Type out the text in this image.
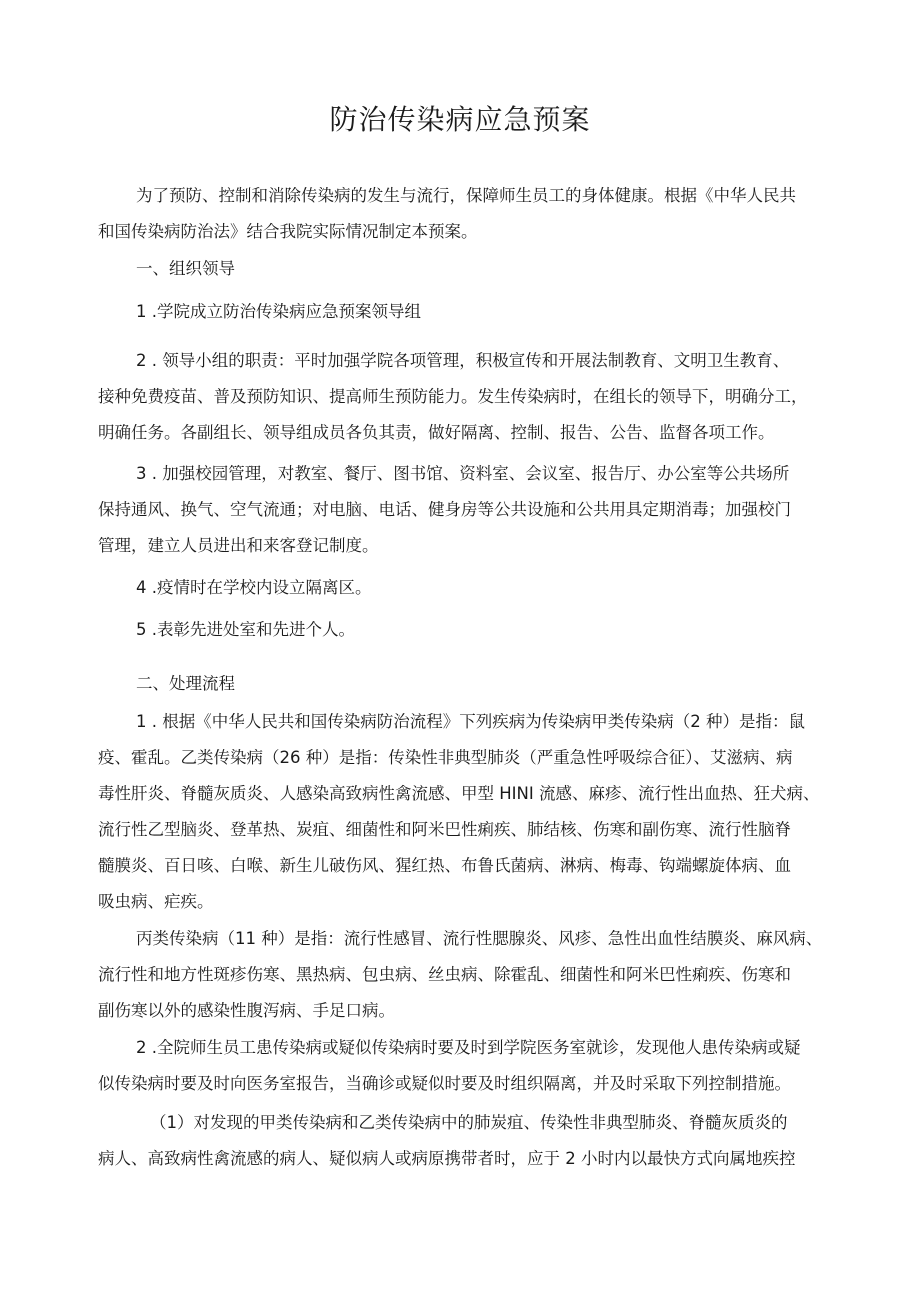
防治传染病应急预案
为了预防、控制和消除传染病的发生与流行，保障师生员工的身体健康。根据《中华人民共
和国传染病防治法》结合我院实际情况制定本预案。

一、组织领导

1 .学院成立防治传染病应急预案领导组

2 . 领导小组的职责：平时加强学院各项管理，积极宣传和开展法制教育、文明卫生教育、
接种免费疫苗、普及预防知识、提高师生预防能力。发生传染病时，在组长的领导下，明确分工，
明确任务。各副组长、领导组成员各负其责，做好隔离、控制、报告、公告、监督各项工作。
3 . 加强校园管理，对教室、餐厅、图书馆、资料室、会议室、报告厅、办公室等公共场所
保持通风、换气、空气流通；对电脑、电话、健身房等公共设施和公共用具定期消毒；加强校门
管理，建立人员进出和来客登记制度。

4 .疫情时在学校内设立隔离区。

5 .表彰先进处室和先进个人。

二、处理流程

1 . 根据《中华人民共和国传染病防治流程》下列疾病为传染病甲类传染病（2 种）是指：鼠
疫、霍乱。乙类传染病（26 种）是指：传染性非典型肺炎（严重急性呼吸综合征）、艾滋病、病
毒性肝炎、脊髓灰质炎、人感染高致病性禽流感、甲型 HINI 流感、麻疹、流行性出血热、狂犬病、
流行性乙型脑炎、登革热、炭疽、细菌性和阿米巴性痢疾、肺结核、伤寒和副伤寒、流行性脑脊
髓膜炎、百日咳、白喉、新生儿破伤风、猩红热、布鲁氏菌病、淋病、梅毒、钩端螺旋体病、血
吸虫病、疟疾。
丙类传染病（11 种）是指：流行性感冒、流行性腮腺炎、风疹、急性出血性结膜炎、麻风病、
流行性和地方性斑疹伤寒、黑热病、包虫病、丝虫病、除霍乱、细菌性和阿米巴性痢疾、伤寒和
副伤寒以外的感染性腹泻病、手足口病。
2 .全院师生员工患传染病或疑似传染病时要及时到学院医务室就诊，发现他人患传染病或疑
似传染病时要及时向医务室报告，当确诊或疑似时要及时组织隔离，并及时采取下列控制措施。
（1）对发现的甲类传染病和乙类传染病中的肺炭疽、传染性非典型肺炎、脊髓灰质炎的
病人、高致病性禽流感的病人、疑似病人或病原携带者时，应于 2 小时内以最快方式向属地疾控
